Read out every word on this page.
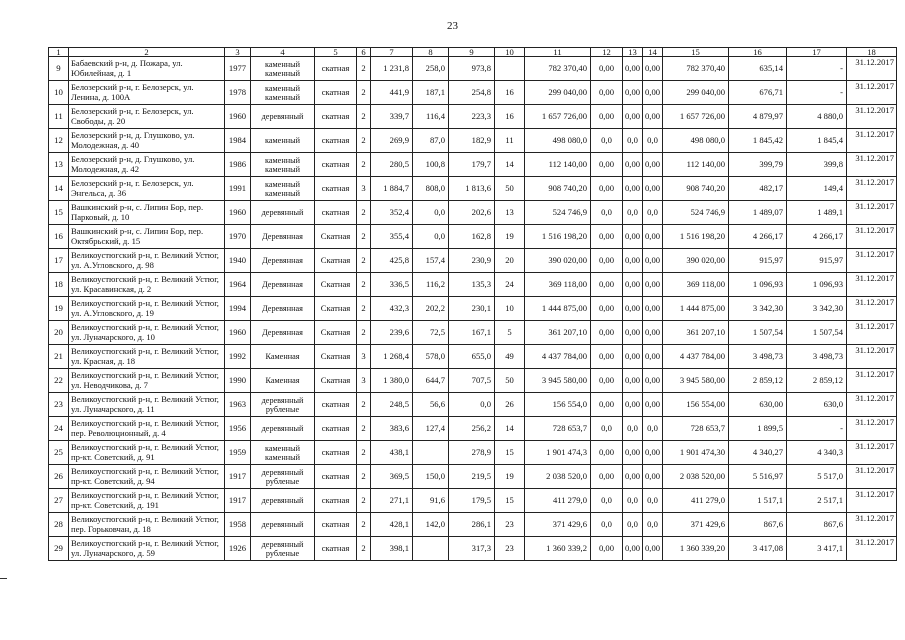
23
1	2	3	4	5	6	7	8	9	10	11	12	13	14	15	16	17	18
9	Бабаевский р-н, д. Пожара, ул. Юбилейная, д. 1	1977	каменный каменный	скатная	2	1 231,8	258,0	973,8		782 370,40	0,00	0,00	0,00	782 370,40	635,14	-	31.12.2017
10	Белозерский р-н, г. Белозерск, ул. Ленина, д. 100А	1978	каменный каменный	скатная	2	441,9	187,1	254,8	16	299 040,00	0,00	0,00	0,00	299 040,00	676,71	-	31.12.2017
11	Белозерский р-н, г. Белозерск, ул. Свободы, д. 20	1960	деревянный	скатная	2	339,7	116,4	223,3	16	1 657 726,00	0,00	0,00	0,00	1 657 726,00	4 879,97	4 880,0	31.12.2017
12	Белозерский р-н, д. Глушково, ул. Молодежная, д. 40	1984	каменный	скатная	2	269,9	87,0	182,9	11	498 080,0	0,0	0,0	0,0	498 080,0	1 845,42	1 845,4	31.12.2017
13	Белозерский р-н, д. Глушково, ул. Молодежная, д. 42	1986	каменный каменный	скатная	2	280,5	100,8	179,7	14	112 140,00	0,00	0,00	0,00	112 140,00	399,79	399,8	31.12.2017
14	Белозерский р-н, г. Белозерск, ул. Энгельса, д. 36	1991	каменный каменный	скатная	3	1 884,7	808,0	1 813,6	50	908 740,20	0,00	0,00	0,00	908 740,20	482,17	149,4	31.12.2017
15	Вашкинский р-н, с. Липин Бор, пер. Парковый, д. 10	1960	деревянный	скатная	2	352,4	0,0	202,6	13	524 746,9	0,0	0,0	0,0	524 746,9	1 489,07	1 489,1	31.12.2017
16	Вашкинский р-н, с. Липин Бор, пер. Октябрьский, д. 15	1970	Деревянная	Скатная	2	355,4	0,0	162,8	19	1 516 198,20	0,00	0,00	0,00	1 516 198,20	4 266,17	4 266,17	31.12.2017
17	Великоустюгский р-н, г. Великий Устюг, ул. А.Угловского, д. 98	1940	Деревянная	Скатная	2	425,8	157,4	230,9	20	390 020,00	0,00	0,00	0,00	390 020,00	915,97	915,97	31.12.2017
18	Великоустюгский р-н, г. Великий Устюг, ул. Красавинская, д. 2	1964	Деревянная	Скатная	2	336,5	116,2	135,3	24	369 118,00	0,00	0,00	0,00	369 118,00	1 096,93	1 096,93	31.12.2017
19	Великоустюгский р-н, г. Великий Устюг, ул. А.Угловского, д. 19	1994	Деревянная	Скатная	2	432,3	202,2	230,1	10	1 444 875,00	0,00	0,00	0,00	1 444 875,00	3 342,30	3 342,30	31.12.2017
20	Великоустюгский р-н, г. Великий Устюг, ул. Луначарского, д. 10	1960	Деревянная	Скатная	2	239,6	72,5	167,1	5	361 207,10	0,00	0,00	0,00	361 207,10	1 507,54	1 507,54	31.12.2017
21	Великоустюгский р-н, г. Великий Устюг, ул. Красная, д. 18	1992	Каменная	Скатная	3	1 268,4	578,0	655,0	49	4 437 784,00	0,00	0,00	0,00	4 437 784,00	3 498,73	3 498,73	31.12.2017
22	Великоустюгский р-н, г. Великий Устюг, ул. Неводчикова, д. 7	1990	Каменная	Скатная	3	1 380,0	644,7	707,5	50	3 945 580,00	0,00	0,00	0,00	3 945 580,00	2 859,12	2 859,12	31.12.2017
23	Великоустюгский р-н, г. Великий Устюг, ул. Луначарского, д. 11	1963	деревянный рубленые	скатная	2	248,5	56,6	0,0	26	156 554,0	0,00	0,00	0,00	156 554,00	630,00	630,0	31.12.2017
24	Великоустюгский р-н, г. Великий Устюг, пер. Революционный, д. 4	1956	деревянный	скатная	2	383,6	127,4	256,2	14	728 653,7	0,0	0,0	0,0	728 653,7	1 899,5	-	31.12.2017
25	Великоустюгский р-н, г. Великий Устюг, пр-кт. Советский, д. 91	1959	каменный каменный	скатная	2	438,1		278,9	15	1 901 474,3	0,00	0,00	0,00	1 901 474,30	4 340,27	4 340,3	31.12.2017
26	Великоустюгский р-н, г. Великий Устюг, пр-кт. Советский, д. 94	1917	деревянный рубленые	скатная	2	369,5	150,0	219,5	19	2 038 520,0	0,00	0,00	0,00	2 038 520,00	5 516,97	5 517,0	31.12.2017
27	Великоустюгский р-н, г. Великий Устюг, пр-кт. Советский, д. 191	1917	деревянный	скатная	2	271,1	91,6	179,5	15	411 279,0	0,0	0,0	0,0	411 279,0	1 517,1	2 517,1	31.12.2017
28	Великоустюгский р-н, г. Великий Устюг, пер. Горьковчан, д. 18	1958	деревянный	скатная	2	428,1	142,0	286,1	23	371 429,6	0,0	0,0	0,0	371 429,6	867,6	867,6	31.12.2017
29	Великоустюгский р-н, г. Великий Устюг, ул. Луначарского, д. 59	1926	деревянный рубленые	скатная	2	398,1		317,3	23	1 360 339,2	0,00	0,00	0,00	1 360 339,20	3 417,08	3 417,1	31.12.2017
